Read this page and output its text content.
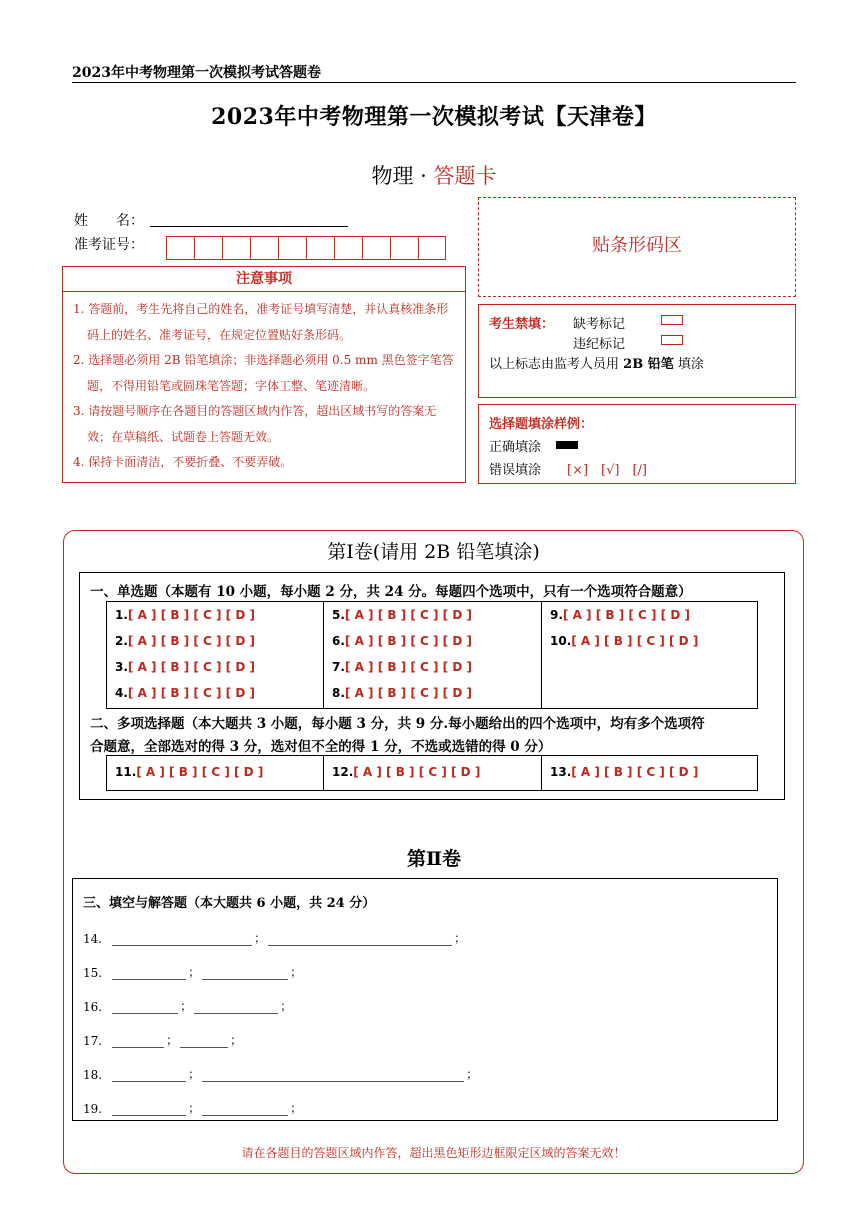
2023年中考物理第一次模拟考试答题卷
2023年中考物理第一次模拟考试【天津卷】
物理 · 答题卡
姓　　名：
准考证号：
注意事项

1. 答题前，考生先将自己的姓名，准考证号填写清楚，并认真核准条形码上的姓名、准考证号，在规定位置贴好条形码。

2. 选择题必须用 2B 铅笔填涂；非选择题必须用 0.5 mm 黑色签字笔答题，不得用铅笔或圆珠笔答题；字体工整、笔迹清晰。

3. 请按题号顺序在各题目的答题区域内作答，超出区域书写的答案无效；在草稿纸、试题卷上答题无效。

4. 保持卡面清洁，不要折叠、不要弄破。

贴条形码区
考生禁填： 缺考标记
违纪标记
以上标志由监考人员用 2B 铅笔 填涂
选择题填涂样例：
正确填涂
错误填涂 [×]　[√]　[/]
第Ⅰ卷(请用 2B 铅笔填涂)
一、单选题（本题有 10 小题，每小题 2 分，共 24 分。每题四个选项中，只有一个选项符合题意）
1.[ A ] [ B ] [ C ] [ D ]
2.[ A ] [ B ] [ C ] [ D ]
3.[ A ] [ B ] [ C ] [ D ]
4.[ A ] [ B ] [ C ] [ D ]
5.[ A ] [ B ] [ C ] [ D ]
6.[ A ] [ B ] [ C ] [ D ]
7.[ A ] [ B ] [ C ] [ D ]
8.[ A ] [ B ] [ C ] [ D ]
9.[ A ] [ B ] [ C ] [ D ]
10.[ A ] [ B ] [ C ] [ D ]
二、多项选择题（本大题共 3 小题，每小题 3 分，共 9 分.每小题给出的四个选项中，均有多个选项符
合题意，全部选对的得 3 分，选对但不全的得 1 分，不选或选错的得 0 分）
11.[ A ] [ B ] [ C ] [ D ]	12.[ A ] [ B ] [ C ] [ D ]	13.[ A ] [ B ] [ C ] [ D ]
第Ⅱ卷
三、填空与解答题（本大题共 6 小题，共 24 分）
14.	；	；
15.	；	；
16.	；	；
17.	；	；
18.	；	；
19.	；	；
请在各题目的答题区域内作答，超出黑色矩形边框限定区域的答案无效！
